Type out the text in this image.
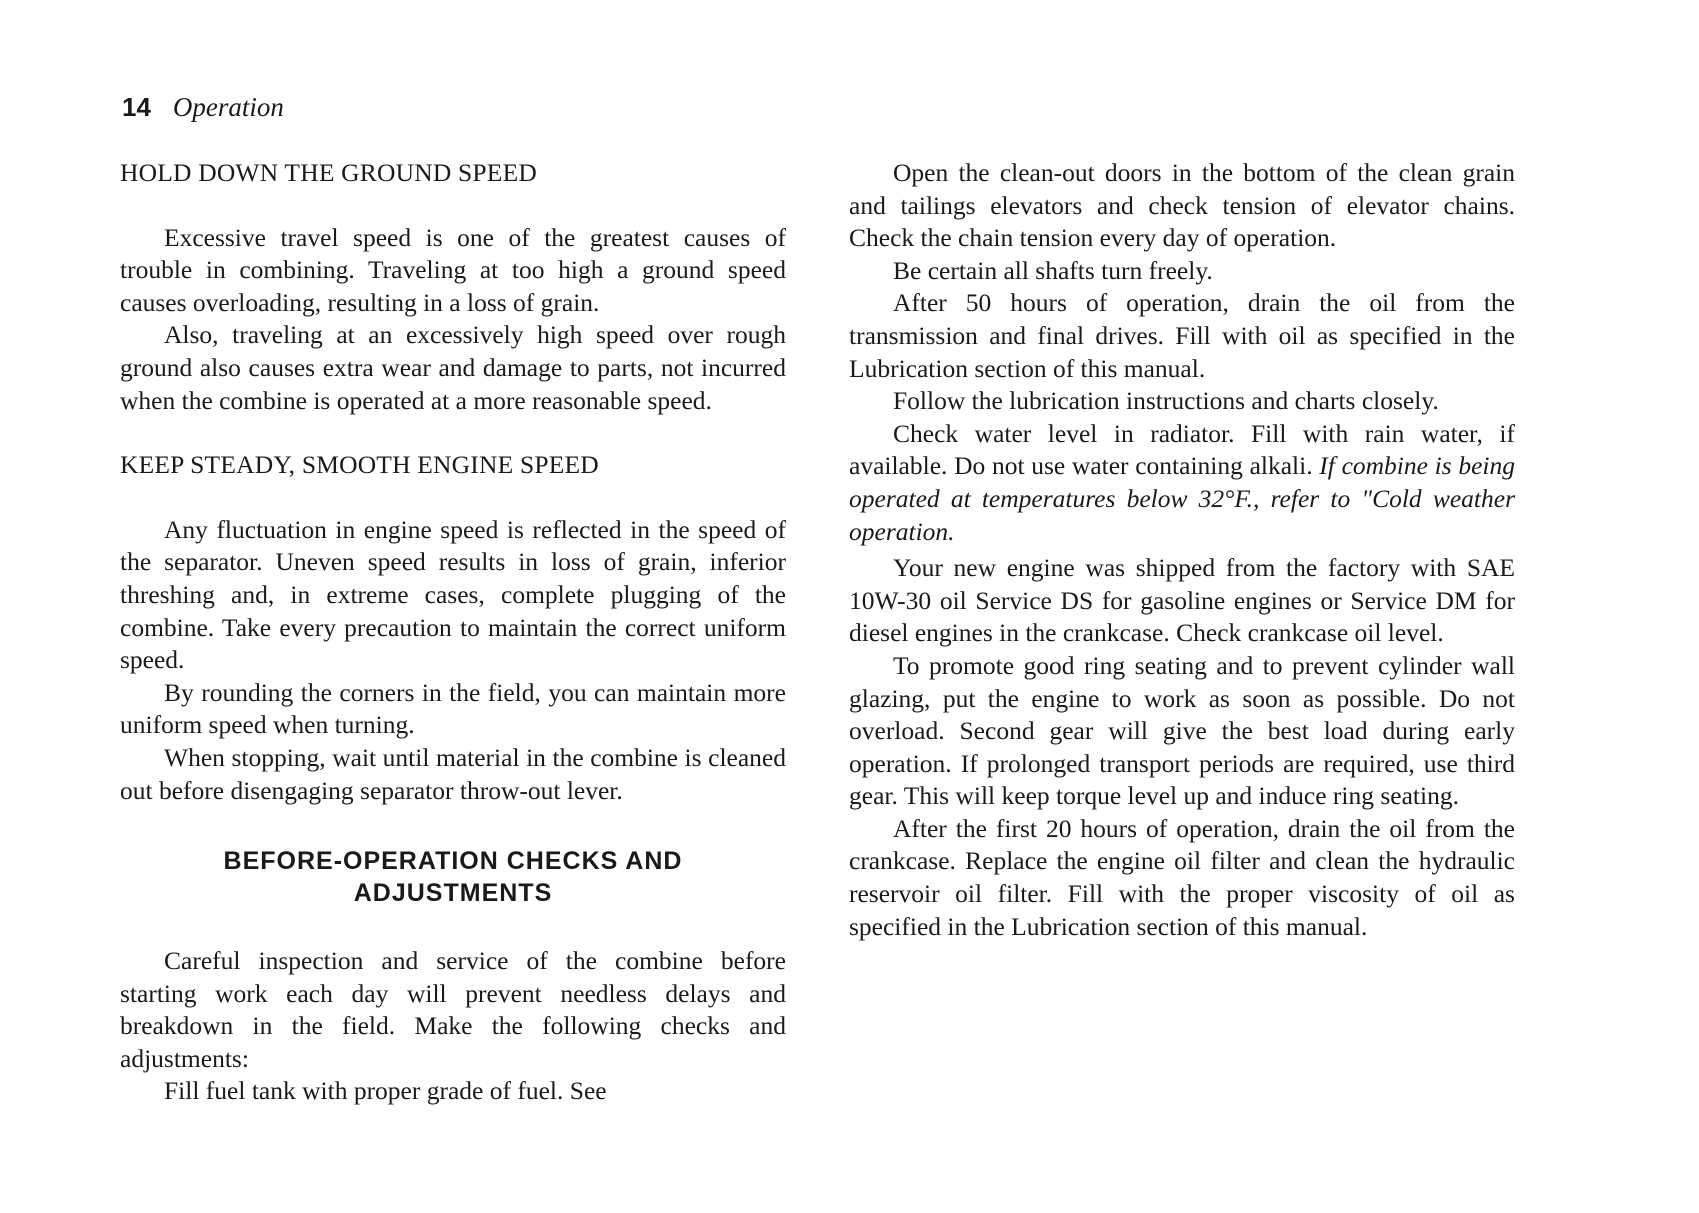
14 Operation
HOLD DOWN THE GROUND SPEED

Excessive travel speed is one of the greatest causes of trouble in combining. Traveling at too high a ground speed causes overloading, resulting in a loss of grain.

Also, traveling at an excessively high speed over rough ground also causes extra wear and damage to parts, not incurred when the combine is operated at a more reasonable speed.

KEEP STEADY, SMOOTH ENGINE SPEED

Any fluctuation in engine speed is reflected in the speed of the separator. Uneven speed results in loss of grain, inferior threshing and, in extreme cases, complete plugging of the combine. Take every precaution to maintain the correct uniform speed.

By rounding the corners in the field, you can maintain more uniform speed when turning.

When stopping, wait until material in the combine is cleaned out before disengaging separator throw-out lever.

BEFORE-OPERATION CHECKS AND
ADJUSTMENTS

Careful inspection and service of the combine before starting work each day will prevent needless delays and breakdown in the field. Make the following checks and adjustments:

Fill fuel tank with proper grade of fuel. See

Open the clean-out doors in the bottom of the clean grain and tailings elevators and check tension of elevator chains. Check the chain tension every day of operation.

Be certain all shafts turn freely.

After 50 hours of operation, drain the oil from the transmission and final drives. Fill with oil as specified in the Lubrication section of this manual.

Follow the lubrication instructions and charts closely.

Check water level in radiator. Fill with rain water, if available. Do not use water containing alkali. If combine is being operated at temperatures below 32°F., refer to "Cold weather operation.

Your new engine was shipped from the factory with SAE 10W-30 oil Service DS for gasoline engines or Service DM for diesel engines in the crankcase. Check crankcase oil level.

To promote good ring seating and to prevent cylinder wall glazing, put the engine to work as soon as possible. Do not overload. Second gear will give the best load during early operation. If prolonged transport periods are required, use third gear. This will keep torque level up and induce ring seating.

After the first 20 hours of operation, drain the oil from the crankcase. Replace the engine oil filter and clean the hydraulic reservoir oil filter. Fill with the proper viscosity of oil as specified in the Lubrication section of this manual.
